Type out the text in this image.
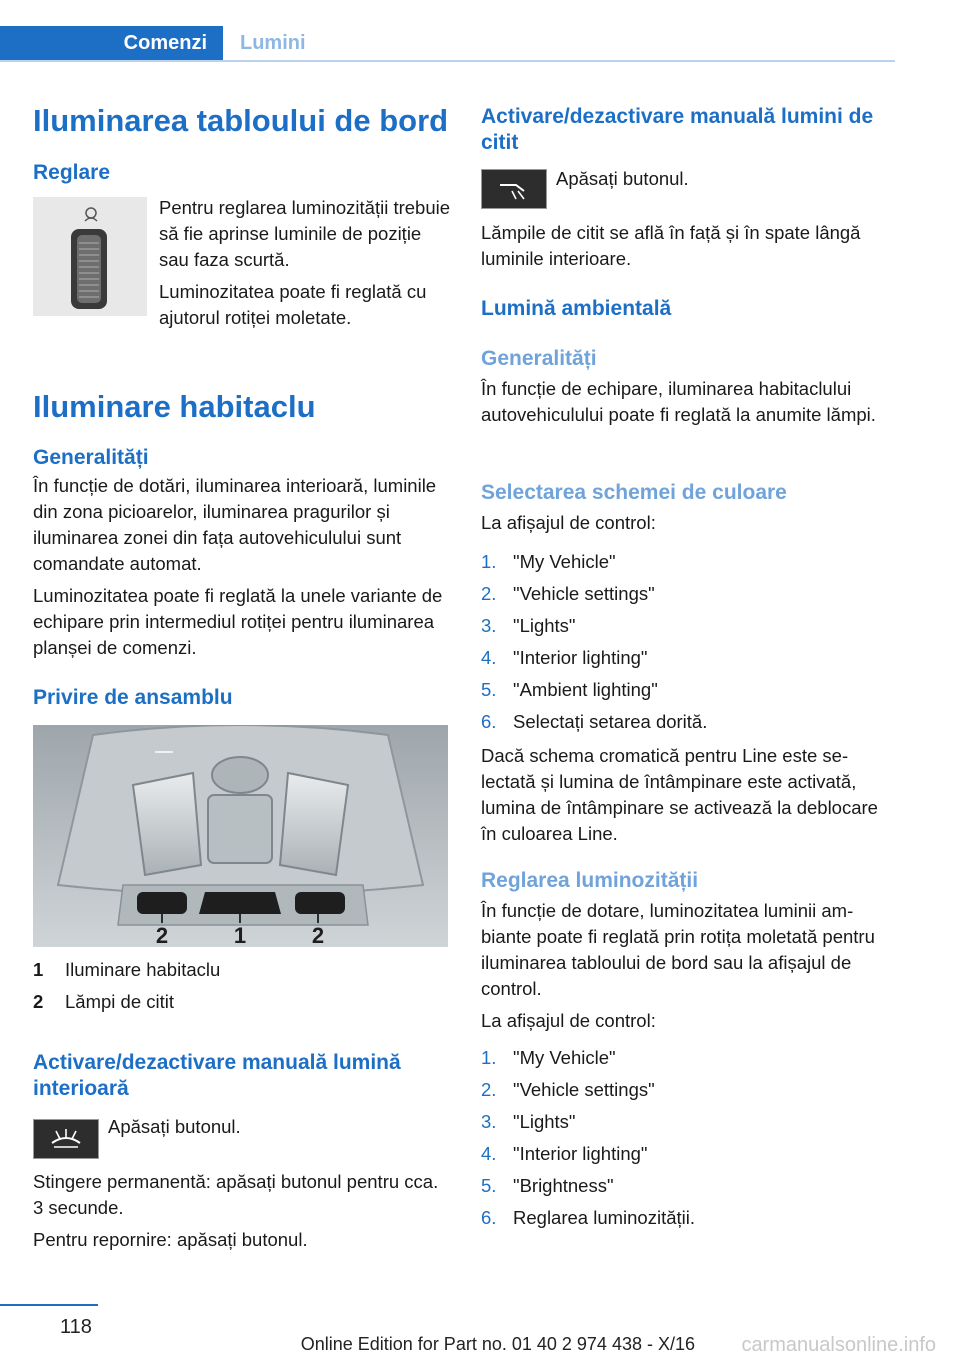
Comenzi	Lumini
Iluminarea tabloului de bord
Reglare

Pentru reglarea luminozității trebuie să fie aprinse luminile de poziție sau faza scurtă.

Luminozitatea poate fi reglată cu ajutorul rotiței moletate.

Iluminare habitaclu
Generalități

În funcție de dotări, iluminarea interioară, luminile din zona picioarelor, iluminarea pragurilor și iluminarea zonei din fața autovehiculului sunt comandate automat.

Luminozitatea poate fi reglată la unele variante de echipare prin intermediul rotiței pentru iluminarea planșei de comenzi.

Privire de ansamblu
2	1	2
1	Iluminare habitaclu
2	Lămpi de citit
Activare/dezactivare manuală lumină interioară

Apăsați butonul.

Stingere permanentă: apăsați butonul pentru cca. 3 secunde.

Pentru repornire: apăsați butonul.

Activare/dezactivare manuală lumini de citit

Apăsați butonul.

Lămpile de citit se află în față și în spate lângă luminile interioare.

Lumină ambientală
Generalități

În funcție de echipare, iluminarea habitaclului autovehiculului poate fi reglată la anumite lămpi.

Selectarea schemei de culoare

La afișajul de control:

1. "My Vehicle"
2. "Vehicle settings"
3. "Lights"
4. "Interior lighting"
5. "Ambient lighting"
6. Selectați setarea dorită.

Dacă schema cromatică pentru Line este selectată și lumina de întâmpinare este activată, lumina de întâmpinare se activează la deblocare în culoarea Line.

Reglarea luminozității

În funcție de dotare, luminozitatea luminii ambiante poate fi reglată prin rotița moletată pentru iluminarea tabloului de bord sau la afișajul de control.

La afișajul de control:

1. "My Vehicle"
2. "Vehicle settings"
3. "Lights"
4. "Interior lighting"
5. "Brightness"
6. Reglarea luminozității.
118
Online Edition for Part no. 01 40 2 974 438 - X/16 carmanualsonline.info
